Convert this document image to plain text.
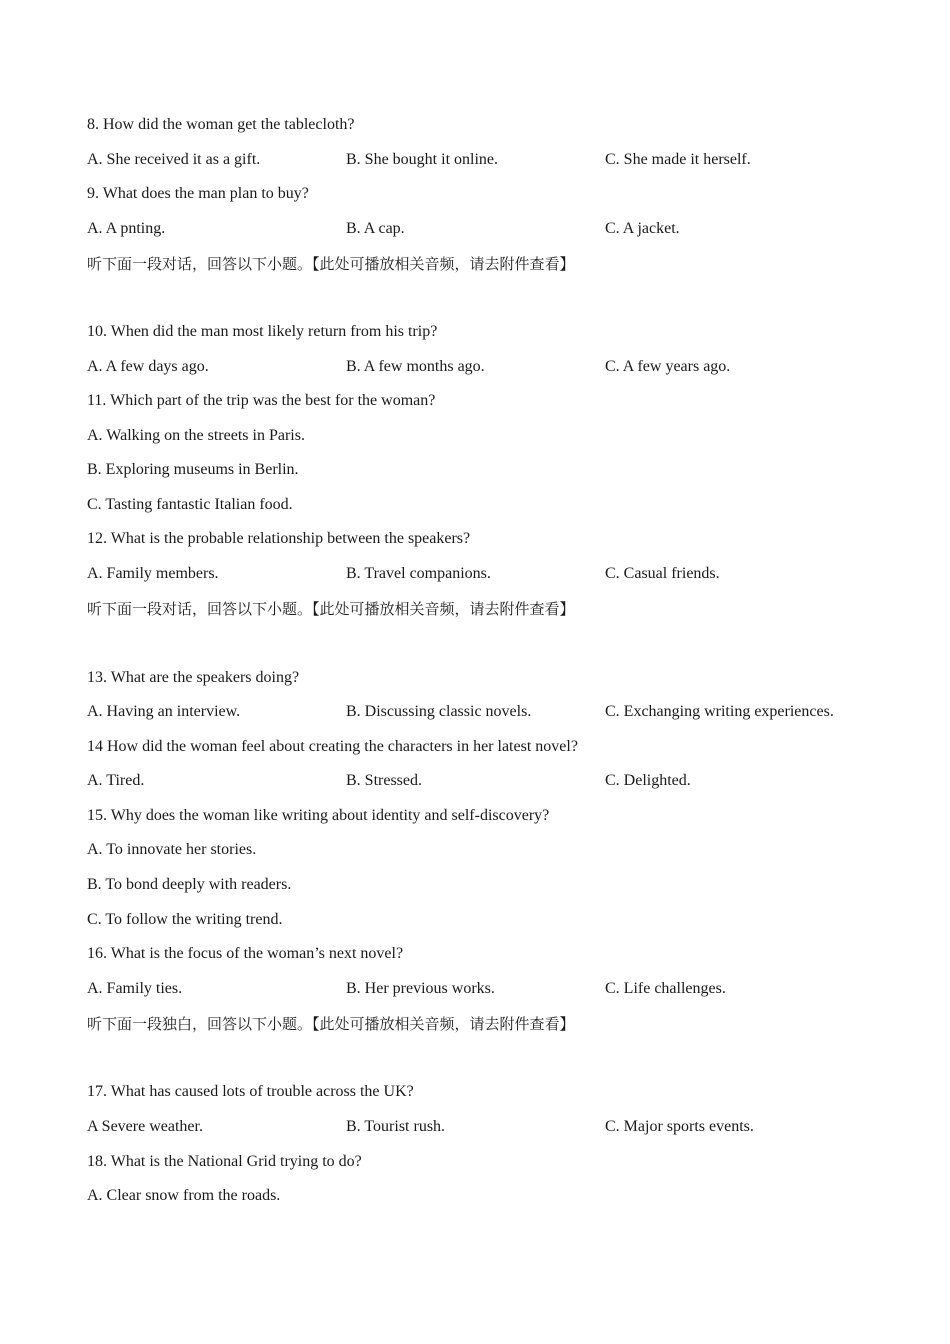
8. How did the woman get the tablecloth?
A. She received it as a gift.	B. She bought it online.	C. She made it herself.
9. What does the man plan to buy?
A. A pnting.	B. A cap.	C. A jacket.
听下面一段对话，回答以下小题。【此处可播放相关音频，请去附件查看】
10. When did the man most likely return from his trip?
A. A few days ago.	B. A few months ago.	C. A few years ago.
11. Which part of the trip was the best for the woman?
A. Walking on the streets in Paris.
B. Exploring museums in Berlin.
C. Tasting fantastic Italian food.
12. What is the probable relationship between the speakers?
A. Family members.	B. Travel companions.	C. Casual friends.
听下面一段对话，回答以下小题。【此处可播放相关音频，请去附件查看】
13. What are the speakers doing?
A. Having an interview.	B. Discussing classic novels.	C. Exchanging writing experiences.
14 How did the woman feel about creating the characters in her latest novel?
A. Tired.	B. Stressed.	C. Delighted.
15. Why does the woman like writing about identity and self-discovery?
A. To innovate her stories.
B. To bond deeply with readers.
C. To follow the writing trend.
16. What is the focus of the woman’s next novel?
A. Family ties.	B. Her previous works.	C. Life challenges.
听下面一段独白，回答以下小题。【此处可播放相关音频，请去附件查看】
17. What has caused lots of trouble across the UK?
A Severe weather.	B. Tourist rush.	C. Major sports events.
18. What is the National Grid trying to do?
A. Clear snow from the roads.
